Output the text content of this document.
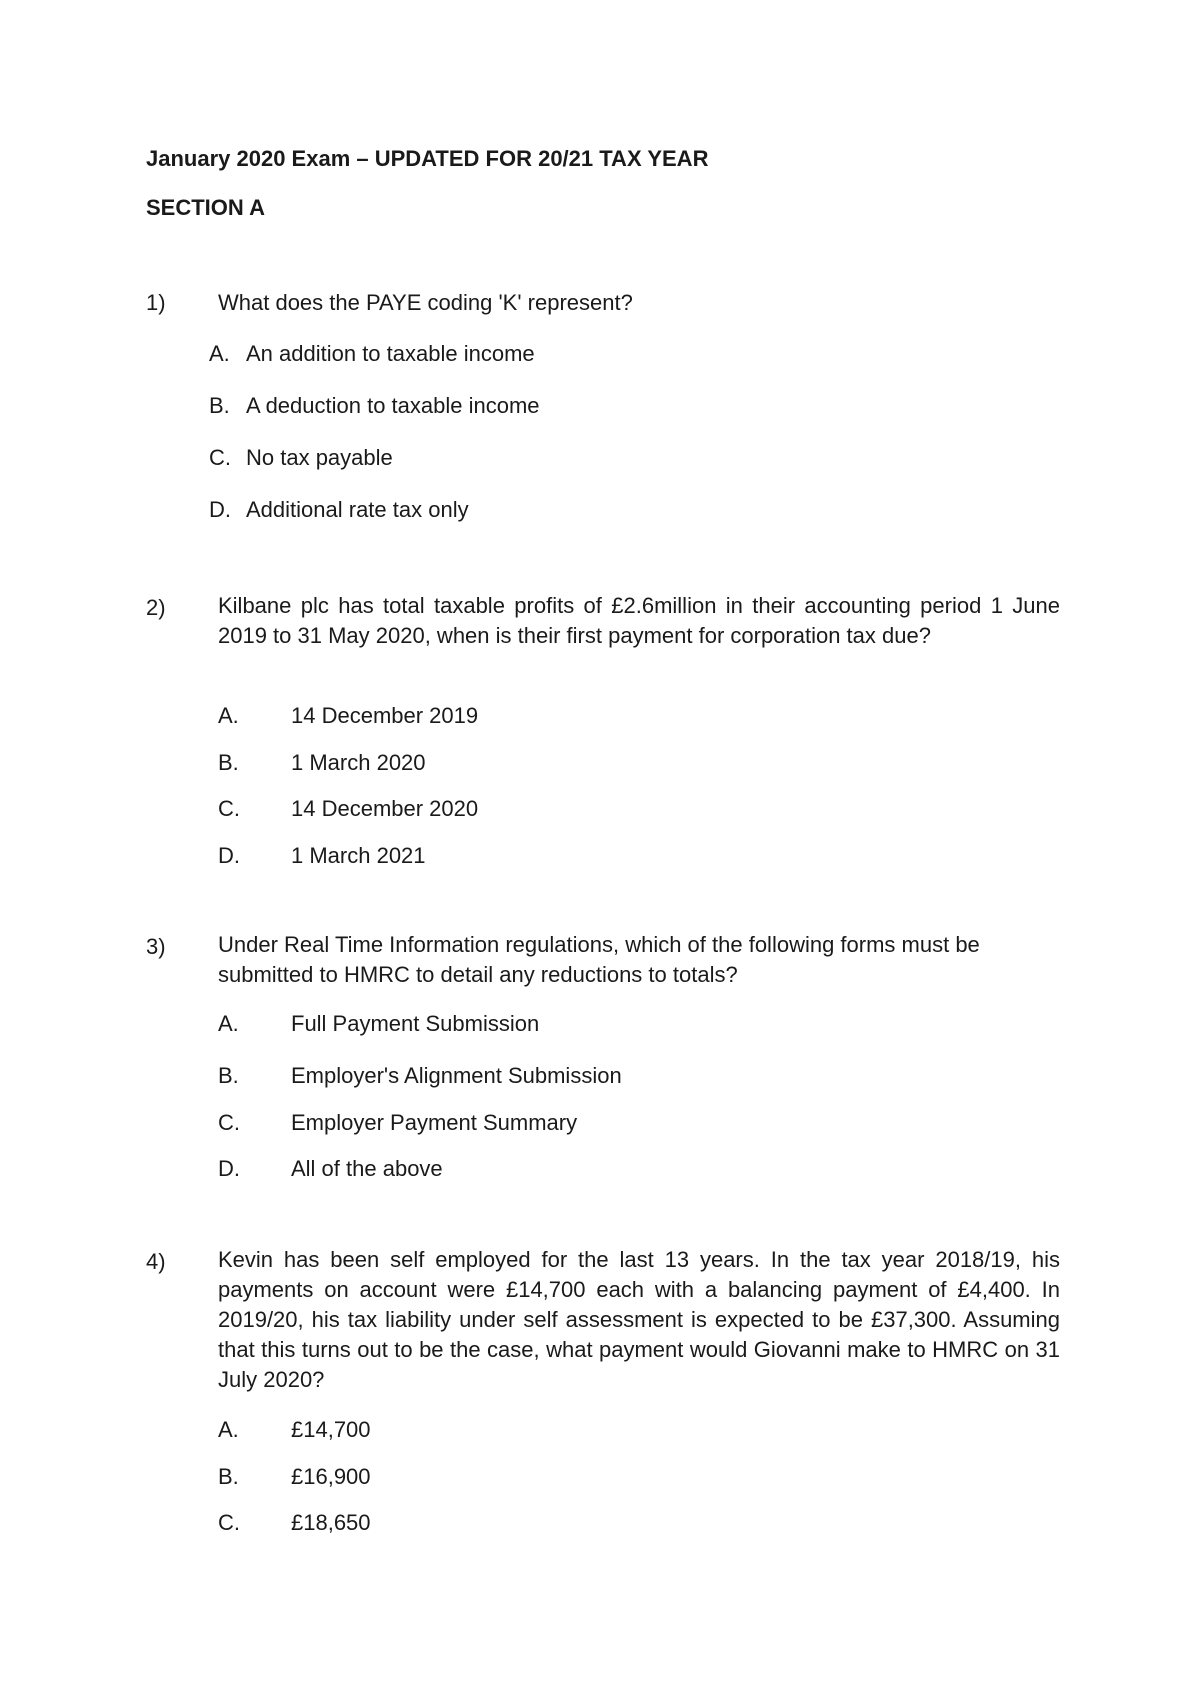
January 2020 Exam – UPDATED FOR 20/21 TAX YEAR
SECTION A
1) What does the PAYE coding 'K' represent?
A. An addition to taxable income
B. A deduction to taxable income
C. No tax payable
D. Additional rate tax only
2) Kilbane plc has total taxable profits of £2.6million in their accounting period 1 June 2019 to 31 May 2020, when is their first payment for corporation tax due?
A. 14 December 2019
B. 1 March 2020
C. 14 December 2020
D. 1 March 2021
3) Under Real Time Information regulations, which of the following forms must be submitted to HMRC to detail any reductions to totals?
A. Full Payment Submission
B. Employer's Alignment Submission
C. Employer Payment Summary
D. All of the above
4) Kevin has been self employed for the last 13 years. In the tax year 2018/19, his payments on account were £14,700 each with a balancing payment of £4,400. In 2019/20, his tax liability under self assessment is expected to be £37,300. Assuming that this turns out to be the case, what payment would Giovanni make to HMRC on 31 July 2020?
A. £14,700
B. £16,900
C. £18,650
